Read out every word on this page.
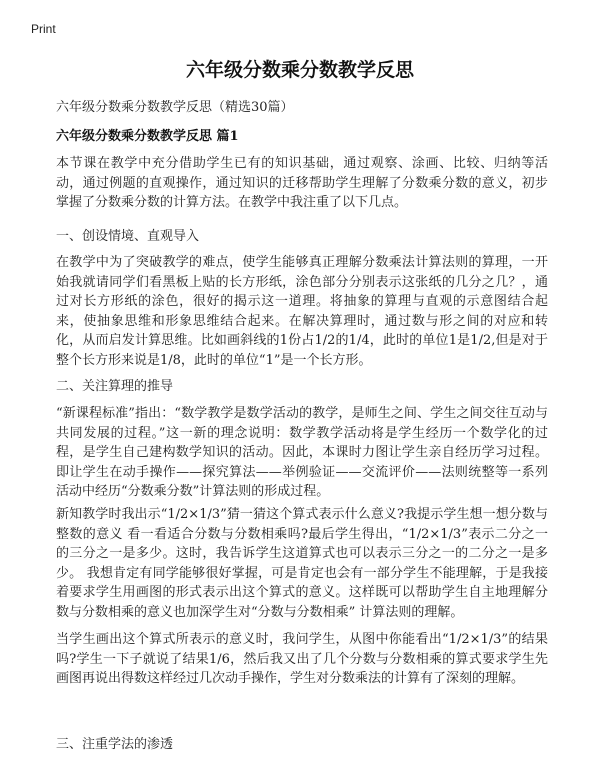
Print
六年级分数乘分数教学反思

六年级分数乘分数教学反思（精选30篇）

六年级分数乘分数教学反思 篇1

本节课在教学中充分借助学生已有的知识基础，通过观察、涂画、比较、归纳等活动，通过例题的直观操作，通过知识的迁移帮助学生理解了分数乘分数的意义，初步掌握了分数乘分数的计算方法。在教学中我注重了以下几点。

一、创设情境、直观导入

在教学中为了突破教学的难点，使学生能够真正理解分数乘法计算法则的算理，一开始我就请同学们看黑板上贴的长方形纸，涂色部分分别表示这张纸的几分之几？，通过对长方形纸的涂色，很好的揭示这一道理。将抽象的算理与直观的示意图结合起来，使抽象思维和形象思维结合起来。在解决算理时，通过数与形之间的对应和转化，从而启发计算思维。比如画斜线的1份占1/2的1/4，此时的单位1是1/2,但是对于整个长方形来说是1/8，此时的单位“1”是一个长方形。

二、关注算理的推导

“新课程标准”指出：“数学教学是数学活动的教学，是师生之间、学生之间交往互动与共同发展的过程。”这一新的理念说明：数学教学活动将是学生经历一个数学化的过程，是学生自己建构数学知识的活动。因此，本课时力图让学生亲自经历学习过程。即让学生在动手操作——探究算法——举例验证——交流评价——法则统整等一系列活动中经历“分数乘分数”计算法则的形成过程。

新知教学时我出示“1/2×1/3”猜一猜这个算式表示什么意义?我提示学生想一想分数与整数的意义 看一看适合分数与分数相乘吗?最后学生得出，“1/2×1/3”表示二分之一的三分之一是多少。这时，我告诉学生这道算式也可以表示三分之一的二分之一是多少。 我想肯定有同学能够很好掌握，可是肯定也会有一部分学生不能理解，于是我接着要求学生用画图的形式表示出这个算式的意义。这样既可以帮助学生自主地理解分数与分数相乘的意义也加深学生对“分数与分数相乘” 计算法则的理解。

当学生画出这个算式所表示的意义时，我问学生，从图中你能看出“1/2×1/3”的结果吗?学生一下子就说了结果1/6，然后我又出了几个分数与分数相乘的算式要求学生先画图再说出得数这样经过几次动手操作，学生对分数乘法的计算有了深刻的理解。

三、注重学法的渗透
